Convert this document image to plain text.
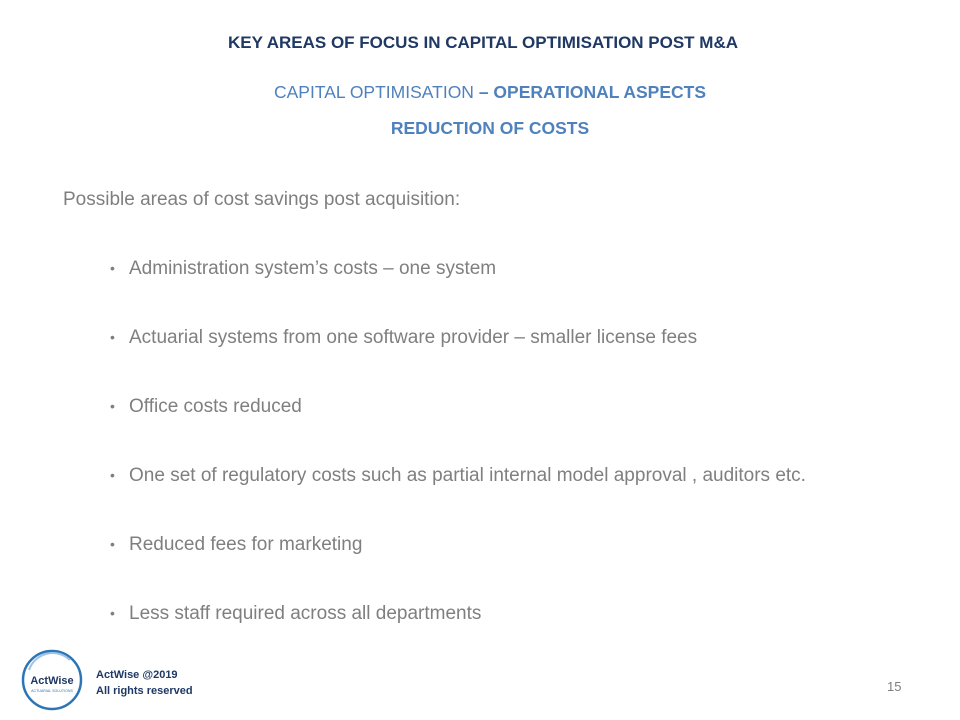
KEY AREAS OF FOCUS IN CAPITAL OPTIMISATION POST M&A
CAPITAL OPTIMISATION – OPERATIONAL ASPECTS
REDUCTION OF COSTS
Possible areas of cost savings post acquisition:
• Administration system’s costs – one system
• Actuarial systems from one software provider – smaller license fees
• Office costs reduced
• One set of regulatory costs such as partial internal model approval , auditors etc.
• Reduced fees for marketing
• Less staff required across all departments
ActWise
ACTUARIAL SOLUTIONS
ActWise @2019
All rights reserved	15
